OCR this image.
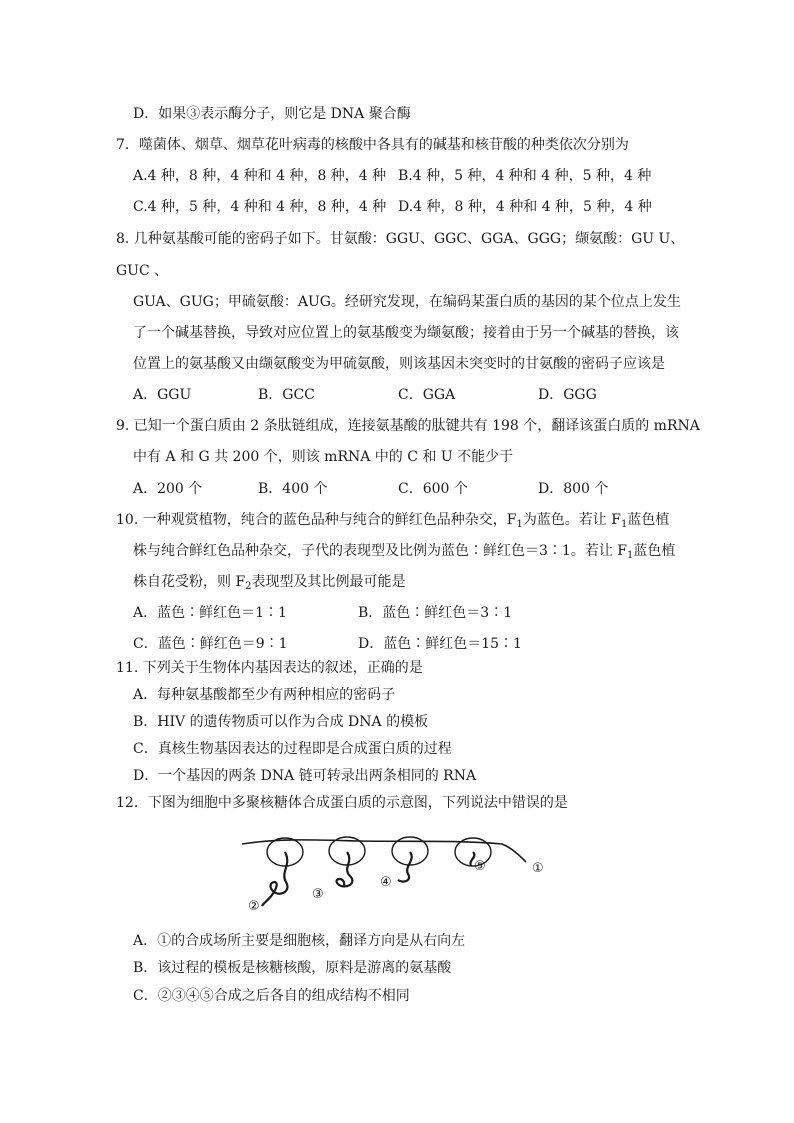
D．如果③表示酶分子，则它是 DNA 聚合酶
7．噬菌体、烟草、烟草花叶病毒的核酸中各具有的碱基和核苷酸的种类依次分别为
A.4 种，8 种，4 种和 4 种，8 种，4 种 B.4 种，5 种，4 种和 4 种，5 种，4 种
C.4 种，5 种，4 种和 4 种，8 种，4 种 D.4 种，8 种，4 种和 4 种，5 种，4 种
8. 几种氨基酸可能的密码子如下。甘氨酸：GGU、GGC、GGA、GGG；缬氨酸：GU U、
GUC 、
GUA、GUG；甲硫氨酸：AUG。经研究发现，在编码某蛋白质的基因的某个位点上发生
了一个碱基替换，导致对应位置上的氨基酸变为缬氨酸；接着由于另一个碱基的替换，该
位置上的氨基酸又由缬氨酸变为甲硫氨酸，则该基因未突变时的甘氨酸的密码子应该是
A．GGU	B．GCC	C．GGA	D．GGG
9. 已知一个蛋白质由 2 条肽链组成，连接氨基酸的肽键共有 198 个，翻译该蛋白质的 mRNA
中有 A 和 G 共 200 个，则该 mRNA 中的 C 和 U 不能少于
A．200 个	B．400 个	C．600 个	D．800 个
10. 一种观赏植物，纯合的蓝色品种与纯合的鲜红色品种杂交，$F_1$为蓝色。若让 $F_1$蓝色植
株与纯合鲜红色品种杂交，子代的表现型及比例为蓝色∶鲜红色＝3∶1。若让 $F_1$蓝色植
株自花受粉，则 $F_2$表现型及其比例最可能是
A．蓝色∶鲜红色＝1∶1	B．蓝色∶鲜红色＝3∶1
C．蓝色∶鲜红色＝9∶1	D．蓝色∶鲜红色＝15∶1
11. 下列关于生物体内基因表达的叙述，正确的是
A．每种氨基酸都至少有两种相应的密码子
B．HIV 的遗传物质可以作为合成 DNA 的模板
C．真核生物基因表达的过程即是合成蛋白质的过程
D．一个基因的两条 DNA 链可转录出两条相同的 RNA
12．下图为细胞中多聚核糖体合成蛋白质的示意图，下列说法中错误的是
①
②
③
④
⑤
A．①的合成场所主要是细胞核，翻译方向是从右向左
B．该过程的模板是核糖核酸，原料是游离的氨基酸
C．②③④⑤合成之后各自的组成结构不相同
